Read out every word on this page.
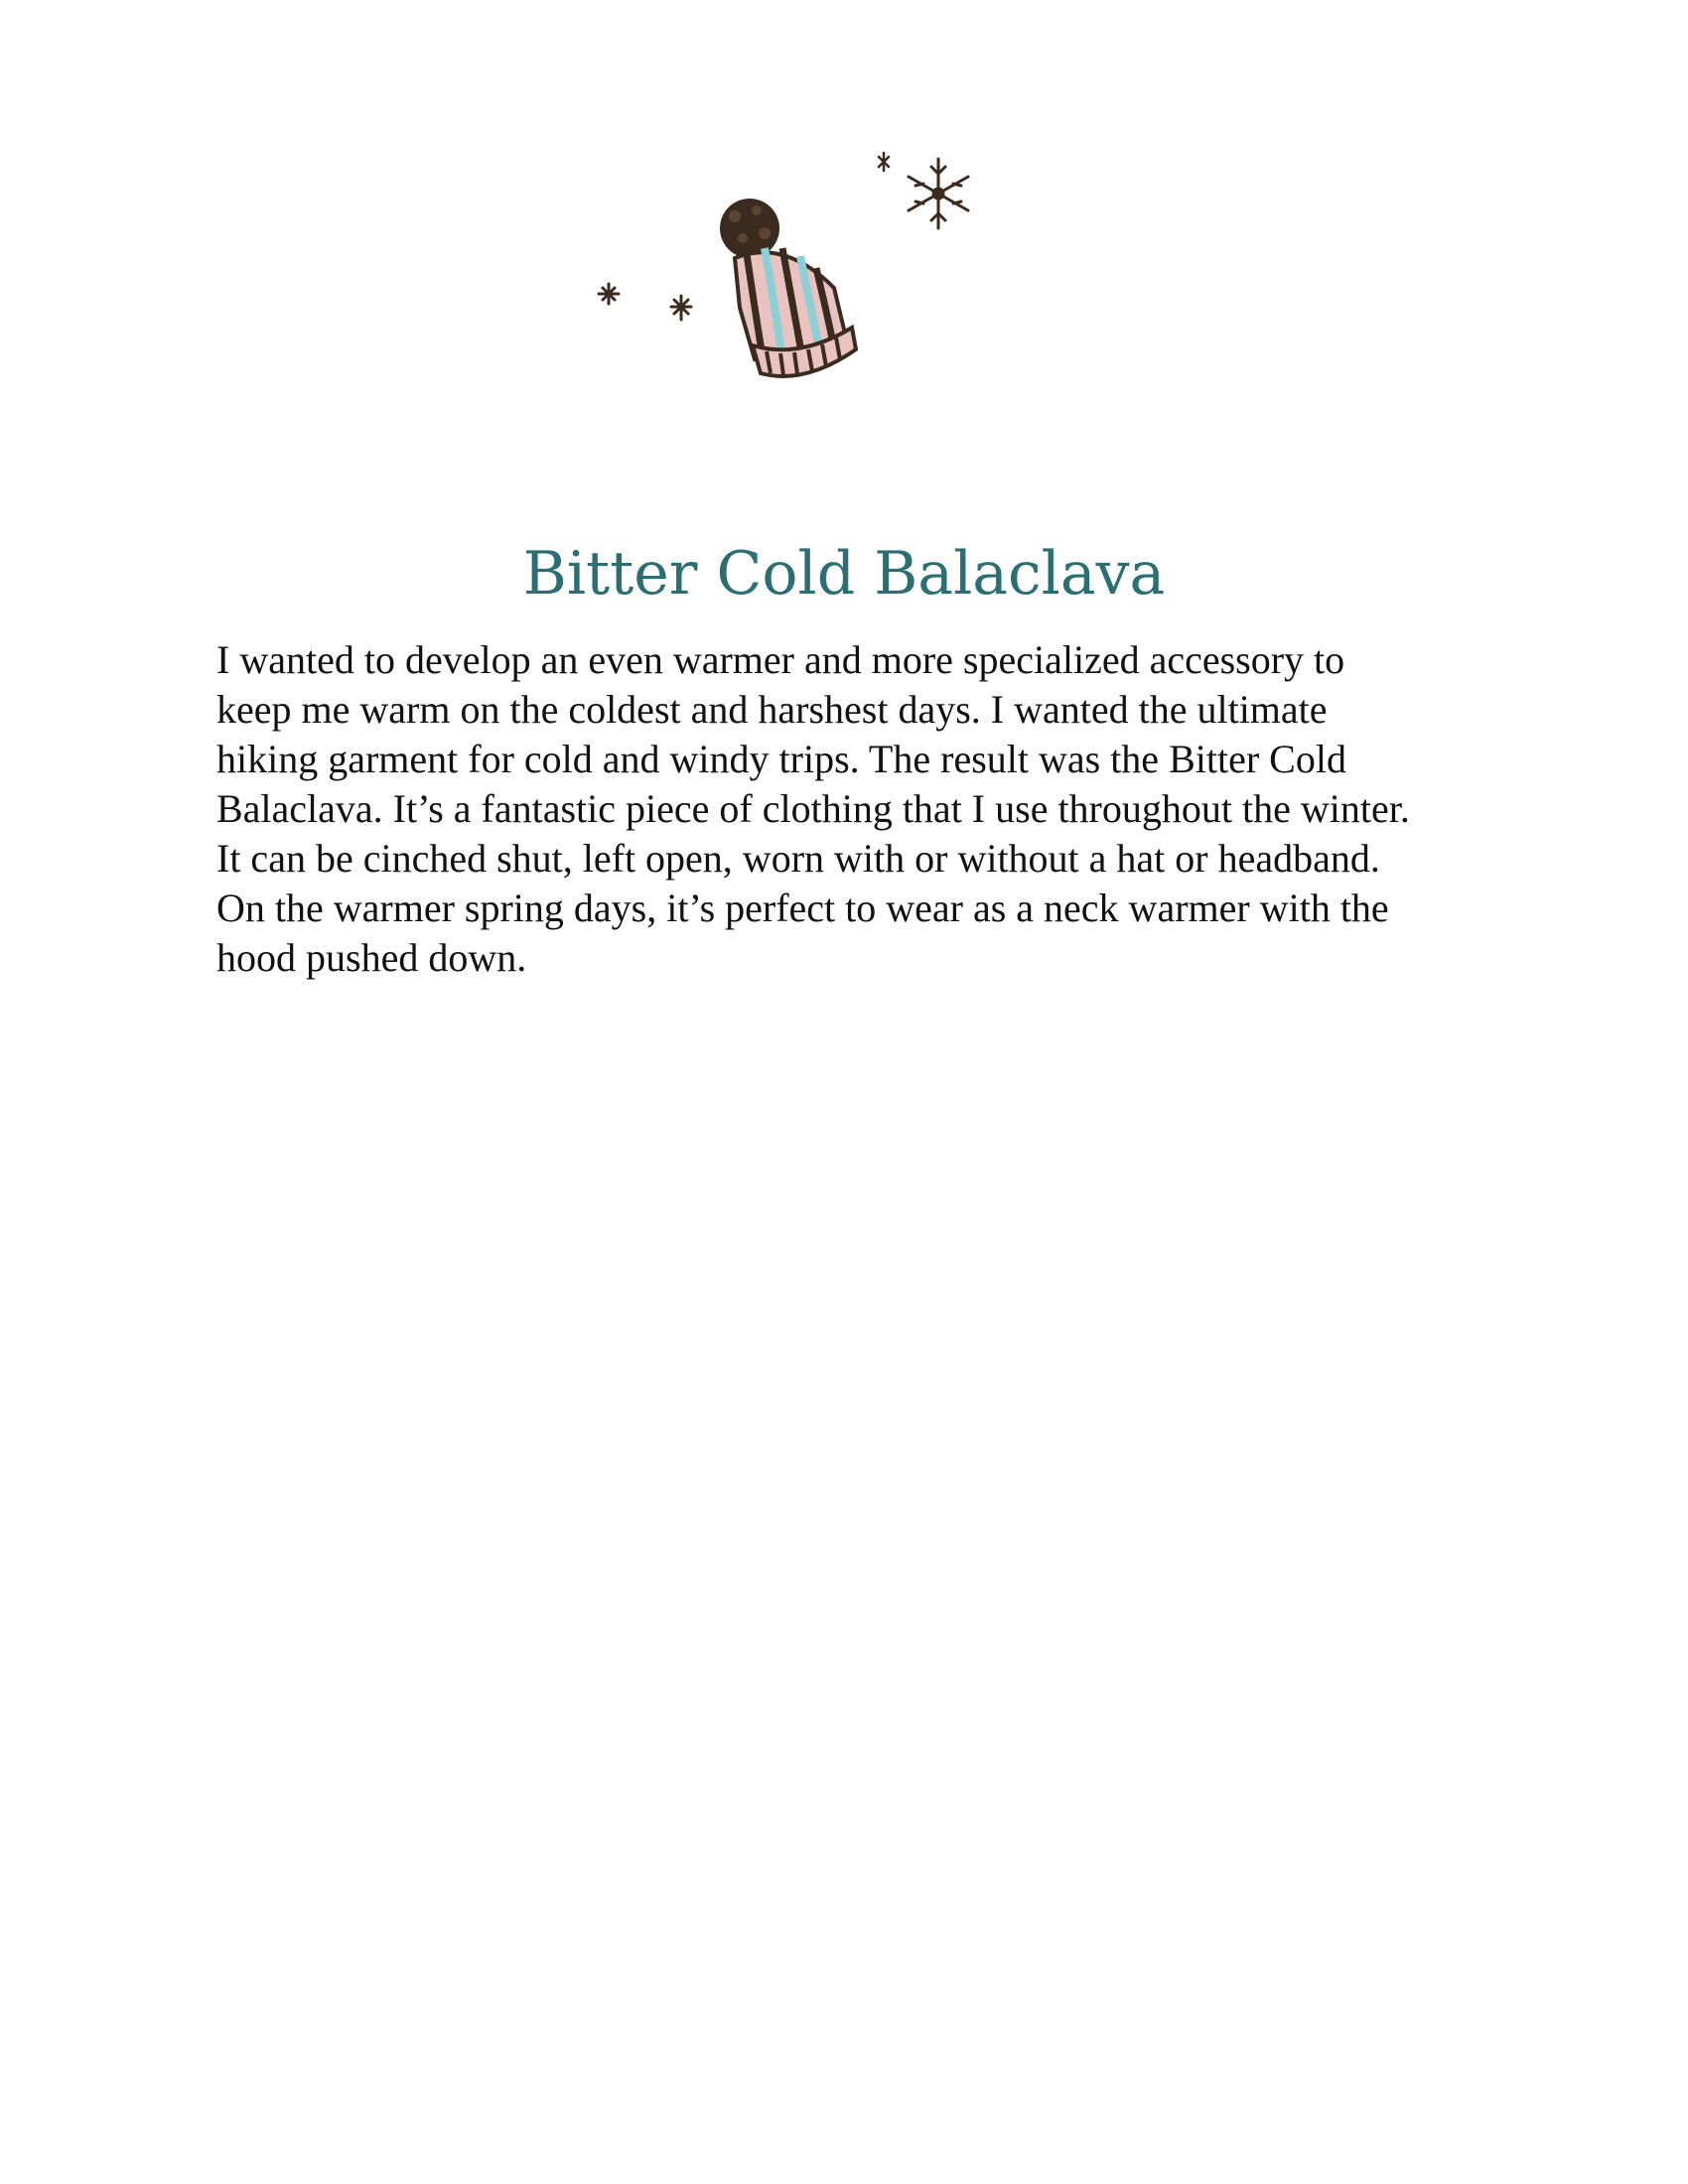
Bitter Cold Balaclava

I wanted to develop an even warmer and more specialized accessory to
keep me warm on the coldest and harshest days. I wanted the ultimate
hiking garment for cold and windy trips. The result was the Bitter Cold
Balaclava. It’s a fantastic piece of clothing that I use throughout the winter.
It can be cinched shut, left open, worn with or without a hat or headband.
On the warmer spring days, it’s perfect to wear as a neck warmer with the
hood pushed down.
